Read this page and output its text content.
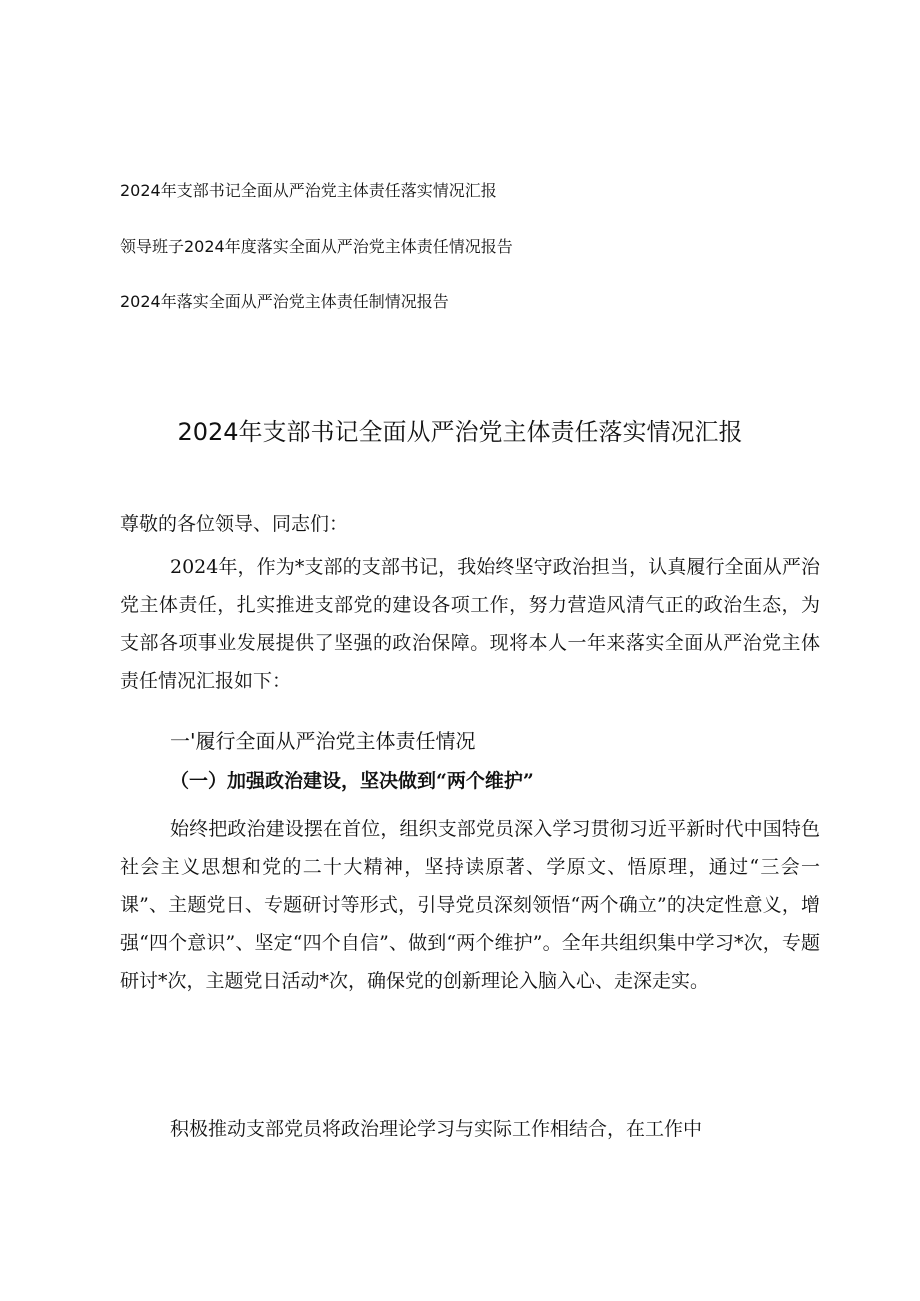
2024年支部书记全面从严治党主体责任落实情况汇报
领导班子2024年度落实全面从严治党主体责任情况报告
2024年落实全面从严治党主体责任制情况报告
2024年支部书记全面从严治党主体责任落实情况汇报
尊敬的各位领导、同志们：

2024年，作为*支部的支部书记，我始终坚守政治担当，认真履行全面从严治党主体责任，扎实推进支部党的建设各项工作，努力营造风清气正的政治生态，为支部各项事业发展提供了坚强的政治保障。现将本人一年来落实全面从严治党主体责任情况汇报如下：

一'履行全面从严治党主体责任情况
（一）加强政治建设，坚决做到“两个维护”

始终把政治建设摆在首位，组织支部党员深入学习贯彻习近平新时代中国特色社会主义思想和党的二十大精神，坚持读原著、学原文、悟原理，通过“三会一课”、主题党日、专题研讨等形式，引导党员深刻领悟“两个确立”的决定性意义，增强“四个意识”、坚定“四个自信”、做到“两个维护”。全年共组织集中学习*次，专题研讨*次，主题党日活动*次，确保党的创新理论入脑入心、走深走实。

积极推动支部党员将政治理论学习与实际工作相结合，在工作中
